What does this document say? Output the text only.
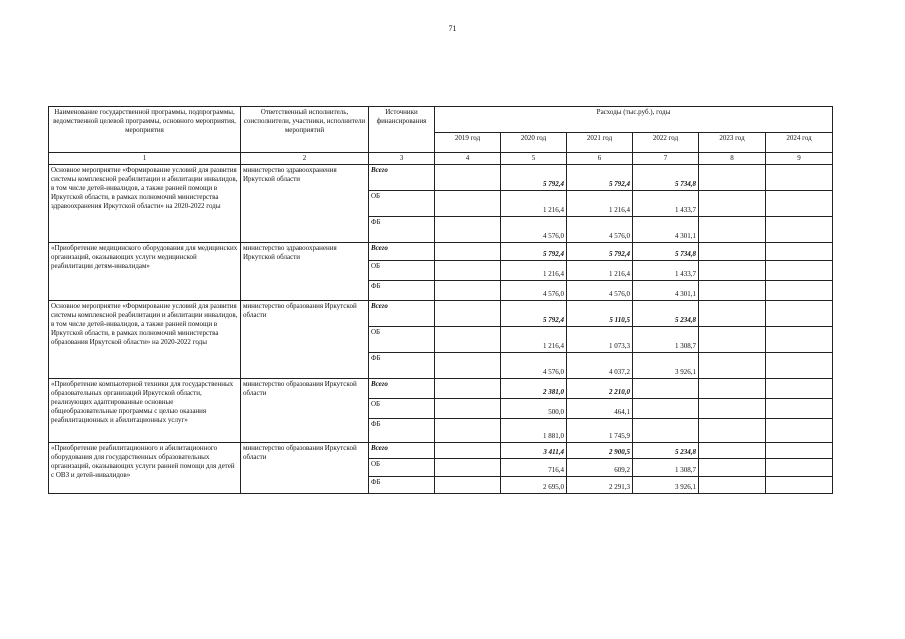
71
Наименование государственной программы, подпрограммы, ведомственной целевой программы, основного мероприятия, мероприятия	Ответственный исполнитель, соисполнители, участники, исполнители мероприятий	Источники финансирования	Расходы (тыс.руб.), годы					
			2019 год	2020 год	2021 год	2022 год	2023 год	2024 год
1	2	3	4	5	6	7	8	9
Основное мероприятие «Формирование условий для развития системы комплексной реабилитации и абилитации инвалидов, в том числе детей-инвалидов, а также ранней помощи в Иркутской области, в рамках полномочий министерства здравоохранения Иркутской области» на 2020-2022 годы	министерство здравоохранения Иркутской области	Всего		5 792,4	5 792,4	5 734,8		
		ОБ		1 216,4	1 216,4	1 433,7		
		ФБ		4 576,0	4 576,0	4 301,1		
«Приобретение медицинского оборудования для медицинских организаций, оказывающих услуги медицинской реабилитации детям-инвалидам»	министерство здравоохранения Иркутской области	Всего		5 792,4	5 792,4	5 734,8		
		ОБ		1 216,4	1 216,4	1 433,7		
		ФБ		4 576,0	4 576,0	4 301,1		
Основное мероприятие «Формирование условий для развития системы комплексной реабилитации и абилитации инвалидов, в том числе детей-инвалидов, а также ранней помощи в Иркутской области, в рамках полномочий министерства образования Иркутской области» на 2020-2022 годы	министерство образования Иркутской области	Всего		5 792,4	5 110,5	5 234,8		
		ОБ		1 216,4	1 073,3	1 308,7		
		ФБ		4 576,0	4 037,2	3 926,1		
«Приобретение компьютерной техники для государственных образовательных организаций Иркутской области, реализующих адаптированные основные общеобразовательные программы с целью оказания реабилитационных и абилитационных услуг»	министерство образования Иркутской области	Всего		2 381,0	2 210,0			
		ОБ		500,0	464,1			
		ФБ		1 881,0	1 745,9			
«Приобретение реабилитационного и абилитационного оборудования для государственных образовательных организаций, оказывающих услуги ранней помощи для детей с ОВЗ и детей-инвалидов»	министерство образования Иркутской области	Всего		3 411,4	2 900,5	5 234,8		
		ОБ		716,4	609,2	1 308,7		
		ФБ		2 695,0	2 291,3	3 926,1		
